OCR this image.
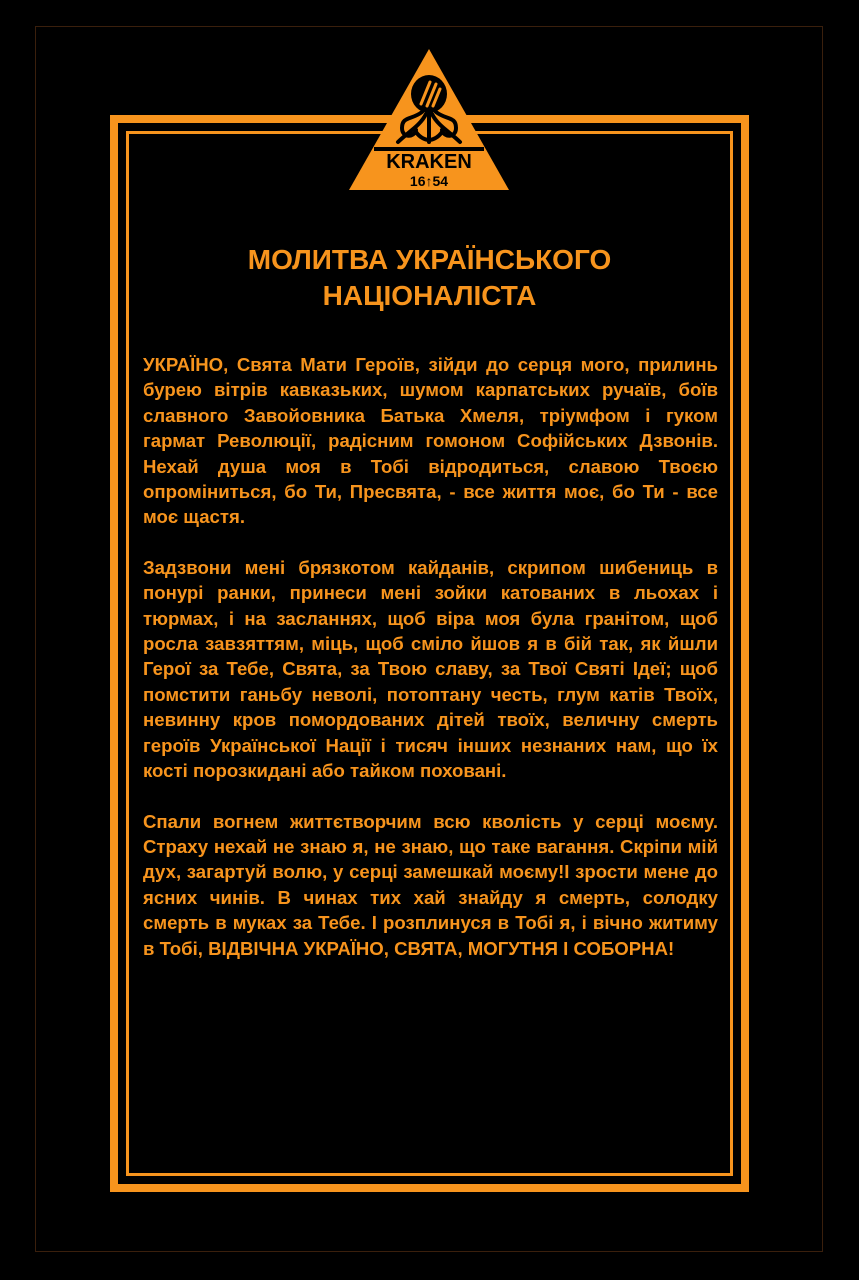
KRAKEN
16↑54
МОЛИТВА УКРАЇНСЬКОГО
НАЦІОНАЛІСТА

УКРАЇНО, Свята Мати Героїв, зійди до серця мого, прилинь бурею вітрів кавказьких, шумом карпатських ручаїв, боїв славного Завойовника Батька Хмеля, тріумфом і гуком гармат Революції, радісним гомоном Софійських Дзвонів. Нехай душа моя в Тобі відродиться, славою Твоєю опроміниться, бо Ти, Пресвята, - все життя моє, бо Ти - все моє щастя.

Задзвони мені брязкотом кайданів, скрипом шибениць в понурі ранки, принеси мені зойки катованих в льохах і тюрмах, і на засланнях, щоб віра моя була гранітом, щоб росла завзяттям, міць, щоб сміло йшов я в бій так, як йшли Герої за Тебе, Свята, за Твою славу, за Твої Святі Ідеї; щоб помстити ганьбу неволі, потоптану честь, глум катів Твоїх, невинну кров помордованих дітей твоїх, величну смерть героїв Української Нації і тисяч інших незнаних нам, що їх кості порозкидані або тайком поховані.

Спали вогнем життєтворчим всю кволість у серці моєму. Страху нехай не знаю я, не знаю, що таке вагання. Скріпи мій дух, загартуй волю, у серці замешкай моєму!І зрости мене до ясних чинів. В чинах тих хай знайду я смерть, солодку смерть в муках за Тебе. І розплинуся в Тобі я, і вічно житиму в Тобі, ВІДВІЧНА УКРАЇНО, СВЯТА, МОГУТНЯ І СОБОРНА!
